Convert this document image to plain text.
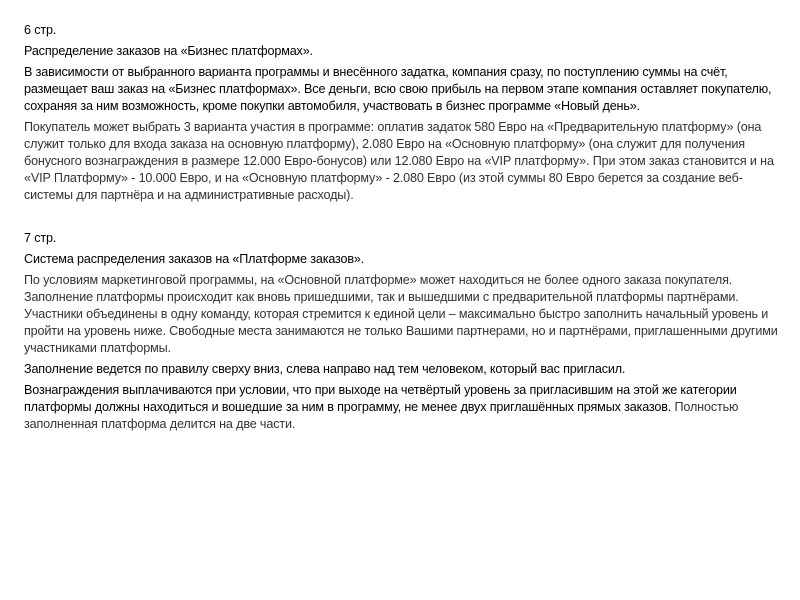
6 стр.

Распределение заказов на «Бизнес платформах».

В зависимости от выбранного варианта программы и внесённого задатка, компания сразу, по поступлению суммы на счёт, размещает ваш заказ на «Бизнес платформах». Все деньги, всю свою прибыль на первом этапе компания оставляет покупателю, сохраняя за ним возможность, кроме покупки автомобиля, участвовать в бизнес программе «Новый день».

Покупатель может выбрать 3 варианта участия в программе: оплатив задаток 580 Евро на «Предварительную платформу» (она служит только для входа заказа на основную платформу), 2.080 Евро на «Основную платформу» (она служит для получения бонусного вознаграждения в размере 12.000 Евро-бонусов) или 12.080 Евро на «VIP платформу». При этом заказ становится и на «VIP Платформу» - 10.000 Евро, и на «Основную платформу» - 2.080 Евро (из этой суммы 80 Евро берется за создание веб-системы для партнёра и на административные расходы).

7 стр.

Система распределения заказов на «Платформе заказов».

По условиям маркетинговой программы, на «Основной платформе» может находиться не более одного заказа покупателя. Заполнение платформы происходит как вновь пришедшими, так и вышедшими с предварительной платформы партнёрами. Участники объединены в одну команду, которая стремится к единой цели – максимально быстро заполнить начальный уровень и пройти на уровень ниже. Свободные места занимаются не только Вашими партнерами, но и партнёрами, приглашенными другими участниками платформы.

Заполнение ведется по правилу сверху вниз, слева направо над тем человеком, который вас пригласил.

Вознаграждения выплачиваются при условии, что при выходе на четвёртый уровень за пригласившим на этой же категории платформы должны находиться и вошедшие за ним в программу, не менее двух приглашённых прямых заказов. Полностью заполненная платформа делится на две части.
